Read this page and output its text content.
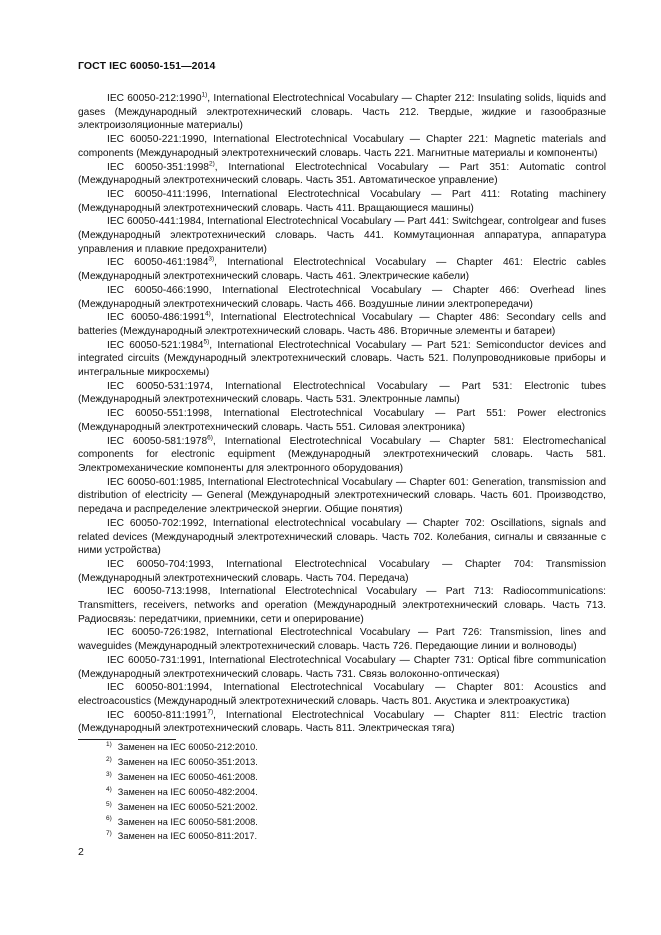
ГОСТ IEC 60050-151—2014

IEC 60050-212:1990$^{1)}$, International Electrotechnical Vocabulary — Chapter 212: Insulating solids, liquids and gases (Международный электротехнический словарь. Часть 212. Твердые, жидкие и газообразные электроизоляционные материалы)

IEC 60050-221:1990, International Electrotechnical Vocabulary — Chapter 221: Magnetic materials and components (Международный электротехнический словарь. Часть 221. Магнитные материалы и компоненты)

IEC 60050-351:1998$^{2)}$, International Electrotechnical Vocabulary — Part 351: Automatic control (Международный электротехнический словарь. Часть 351. Автоматическое управление)

IEC 60050-411:1996, International Electrotechnical Vocabulary — Part 411: Rotating machinery (Международный электротехнический словарь. Часть 411. Вращающиеся машины)

IEC 60050-441:1984, International Electrotechnical Vocabulary — Part 441: Switchgear, controlgear and fuses (Международный электротехнический словарь. Часть 441. Коммутационная аппаратура, аппаратура управления и плавкие предохранители)

IEC 60050-461:1984$^{3)}$, International Electrotechnical Vocabulary — Chapter 461: Electric cables (Международный электротехнический словарь. Часть 461. Электрические кабели)

IEC 60050-466:1990, International Electrotechnical Vocabulary — Chapter 466: Overhead lines (Международный электротехнический словарь. Часть 466. Воздушные линии электропередачи)

IEC 60050-486:1991$^{4)}$, International Electrotechnical Vocabulary — Chapter 486: Secondary cells and batteries (Международный электротехнический словарь. Часть 486. Вторичные элементы и батареи)

IEC 60050-521:1984$^{5)}$, International Electrotechnical Vocabulary — Part 521: Semiconductor devices and integrated circuits (Международный электротехнический словарь. Часть 521. Полупроводниковые приборы и интегральные микросхемы)

IEC 60050-531:1974, International Electrotechnical Vocabulary — Part 531: Electronic tubes (Международный электротехнический словарь. Часть 531. Электронные лампы)

IEC 60050-551:1998, International Electrotechnical Vocabulary — Part 551: Power electronics (Международный электротехнический словарь. Часть 551. Силовая электроника)

IEC 60050-581:1978$^{6)}$, International Electrotechnical Vocabulary — Chapter 581: Electromechanical components for electronic equipment (Международный электротехнический словарь. Часть 581. Электромеханические компоненты для электронного оборудования)

IEC 60050-601:1985, International Electrotechnical Vocabulary — Chapter 601: Generation, transmission and distribution of electricity — General (Международный электротехнический словарь. Часть 601. Производство, передача и распределение электрической энергии. Общие понятия)

IEC 60050-702:1992, International electrotechnical vocabulary — Chapter 702: Oscillations, signals and related devices (Международный электротехнический словарь. Часть 702. Колебания, сигналы и связанные с ними устройства)

IEC 60050-704:1993, International Electrotechnical Vocabulary — Chapter 704: Transmission (Международный электротехнический словарь. Часть 704. Передача)

IEC 60050-713:1998, International Electrotechnical Vocabulary — Part 713: Radiocommunications: Transmitters, receivers, networks and operation (Международный электротехнический словарь. Часть 713. Радиосвязь: передатчики, приемники, сети и оперирование)

IEC 60050-726:1982, International Electrotechnical Vocabulary — Part 726: Transmission, lines and waveguides (Международный электротехнический словарь. Часть 726. Передающие линии и волноводы)

IEC 60050-731:1991, International Electrotechnical Vocabulary — Chapter 731: Optical fibre communication (Международный электротехнический словарь. Часть 731. Связь волоконно-оптическая)

IEC 60050-801:1994, International Electrotechnical Vocabulary — Chapter 801: Acoustics and electroacoustics (Международный электротехнический словарь. Часть 801. Акустика и электроакустика)

IEC 60050-811:1991$^{7)}$, International Electrotechnical Vocabulary — Chapter 811: Electric traction (Международный электротехнический словарь. Часть 811. Электрическая тяга)

$^{1)}$ Заменен на IEC 60050-212:2010.
$^{2)}$ Заменен на IEC 60050-351:2013.
$^{3)}$ Заменен на IEC 60050-461:2008.
$^{4)}$ Заменен на IEC 60050-482:2004.
$^{5)}$ Заменен на IEC 60050-521:2002.
$^{6)}$ Заменен на IEC 60050-581:2008.
$^{7)}$ Заменен на IEC 60050-811:2017.
2
